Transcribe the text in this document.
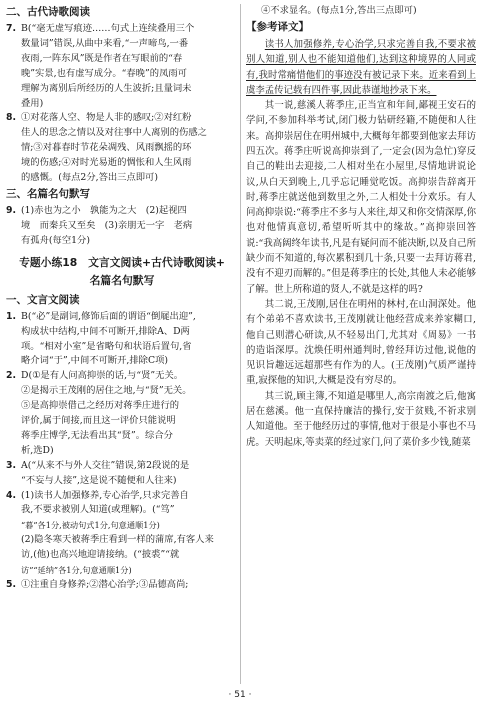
二、古代诗歌阅读
7. B(“毫无虚写痕迹……句式上连续叠用三个
数量词”错误,从曲中来看,“一声啼鸟,一番
夜雨,一阵东风”既是作者在写眼前的“春
晚”实景,也有虚写成分。“春晚”的凤雨可
理解为离别后所经历的人生波折;且量词未
叠用)
8. ①对花落人空、物是人非的感叹;②对红粉
佳人的思念之情以及对往事中人离别的伤感之
情;③对暮春时节花朵凋残、风雨飘摇的环
境的伤感;④对时光易逝的惆怅和人生风雨
的感慨。(每点2分,答出三点即可)
三、名篇名句默写
9. (1)赤也为之小　孰能为之大　(2)起视四
境　而秦兵又至矣　(3)亲朋无一字　老病
有孤舟(每空1分)
专题小练18　文言文阅读+古代诗歌阅读+
名篇名句默写
一、文言文阅读
1. B(“必”是副词,修饰后面的谓语“倒屣出迎”,
构成状中结构,中间不可断开,排除A、D两
项。“相对小室”是省略句和状语后置句,省
略介词“于”,中间不可断开,排除C项)
2. D(①是有人问高抑崇的话,与“贤”无关。
②是揭示王茂刚的居住之地,与“贤”无关。
⑤是高抑崇借己之经历对蒋季庄进行的
评价,属于间接,而且这一评价只能说明
蒋季庄博学,无法看出其“贤”。综合分
析,选D)
3. A(“从来不与外人交往”错误,第2段说的是
“不妄与人接”,这是说不随便和人往来)
4. (1)读书人加强修养,专心治学,只求完善自
我,不要求被别人知道(或理解)。(“笃”
“暮”各1分,被动句式1分,句意通顺1分)
(2)隐冬寒天被蒋季庄看到一样的蒲席,有客人来
访,(他)也高兴地迎请接纳。(“披裘”“就
访”“延纳”各1分,句意通顺1分)
5. ①注重自身修养;②潜心治学;③品德高尚;
④不求显名。(每点1分,答出三点即可)
【参考译文】

读书人加强修养,专心治学,只求完善自我,不要求被别人知道,别人也不能知道他们,达到这种境界的人同或有,我时常痛惜他们的事迹没有被记录下来。近来看到上虞李孟传记载有四件事,因此恭谨地抄录下来。

其一说,慈溪人蒋季庄,正当宣和年间,鄙视王安石的学问,不参加科举考试,闭门极力钻研经籍,不随便和人往来。高抑崇居住在明州城中,大概每年都要到他家去拜访四五次。蒋季庄听说高抑崇到了,一定会(因为急忙)穿反自己的鞋出去迎接,二人相对坐在小屋里,尽情地讲说论议,从白天到晚上,几乎忘记睡觉吃饭。高抑崇告辞离开时,蒋季庄就送他到数里之外,二人相处十分欢乐。有人问高抑崇说:“蒋季庄不多与人来往,却又和你交情深厚,你也对他情真意切,希望听听其中的缘故。”高抑崇回答说:“我高阔终年读书,凡是有疑问而不能决断,以及自己所缺少而不知道的,每次累积到几十条,只要一去拜访蒋君,没有不迎刃而解的。”但是蒋季庄的长处,其他人未必能够了解。世上所称道的贤人,不就是这样的吗?

其二说,王茂刚,居住在明州的林村,在山洞深处。他有个弟弟不喜欢读书,王茂刚就让他经营成来养家糊口,他自己则潜心研读,从不轻易出门,尤其对《周易》一书的造诣深厚。沈焕任明州通判时,曾经拜访过他,说他的见识旨趣远远超那些有作为的人。(王茂刚)气质严谨持重,寂探他的知识,大概是没有穷尽的。

其三说,顾主簿,不知道是哪里人,高宗南渡之后,他寓居在慈溪。他一直保持廉洁的操行,安于贫贱,不祈求别人知道他。至于他经历过的事情,他对于很是小事也不马虎。天明起床,等卖菜的经过家门,问了菜价多少钱,随菜

· 51 ·
